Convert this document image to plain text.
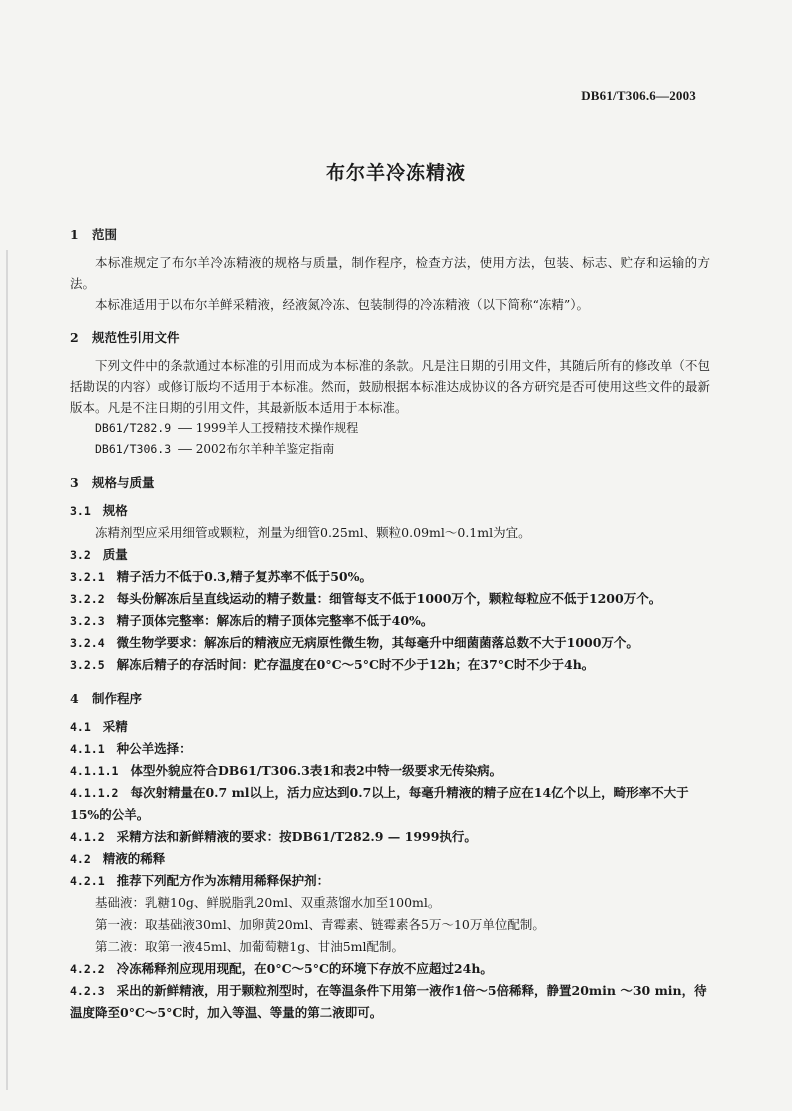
DB61/T306.6—2003
布尔羊冷冻精液
1 范围

本标准规定了布尔羊冷冻精液的规格与质量，制作程序，检查方法，使用方法，包装、标志、贮存和运输的方法。

本标准适用于以布尔羊鲜采精液，经液氮冷冻、包装制得的冷冻精液（以下简称“冻精”）。

2 规范性引用文件

下列文件中的条款通过本标准的引用而成为本标准的条款。凡是注日期的引用文件，其随后所有的修改单（不包括勘误的内容）或修订版均不适用于本标准。然而，鼓励根据本标准达成协议的各方研究是否可使用这些文件的最新版本。凡是不注日期的引用文件，其最新版本适用于本标准。

DB61/T282.9 —— 1999羊人工授精技术操作规程

DB61/T306.3 —— 2002布尔羊种羊鉴定指南

3 规格与质量

3.1 规格

冻精剂型应采用细管或颗粒，剂量为细管0.25ml、颗粒0.09ml～0.1ml为宜。

3.2 质量

3.2.1 精子活力不低于0.3,精子复苏率不低于50%。

3.2.2 每头份解冻后呈直线运动的精子数量：细管每支不低于1000万个，颗粒每粒应不低于1200万个。

3.2.3 精子顶体完整率：解冻后的精子顶体完整率不低于40%。

3.2.4 微生物学要求：解冻后的精液应无病原性微生物，其每毫升中细菌菌落总数不大于1000万个。

3.2.5 解冻后精子的存活时间：贮存温度在0°C～5°C时不少于12h；在37°C时不少于4h。

4 制作程序

4.1 采精

4.1.1 种公羊选择：

4.1.1.1 体型外貌应符合DB61/T306.3表1和表2中特一级要求无传染病。

4.1.1.2 每次射精量在0.7 ml以上，活力应达到0.7以上，每毫升精液的精子应在14亿个以上，畸形率不大于15%的公羊。

4.1.2 采精方法和新鲜精液的要求：按DB61/T282.9 — 1999执行。

4.2 精液的稀释

4.2.1 推荐下列配方作为冻精用稀释保护剂：

基础液：乳糖10g、鲜脱脂乳20ml、双重蒸馏水加至100ml。

第一液：取基础液30ml、加卵黄20ml、青霉素、链霉素各5万～10万单位配制。

第二液：取第一液45ml、加葡萄糖1g、甘油5ml配制。

4.2.2 冷冻稀释剂应现用现配，在0°C～5°C的环境下存放不应超过24h。

4.2.3 采出的新鲜精液，用于颗粒剂型时，在等温条件下用第一液作1倍～5倍稀释，静置20min ～30 min，待温度降至0°C～5°C时，加入等温、等量的第二液即可。
